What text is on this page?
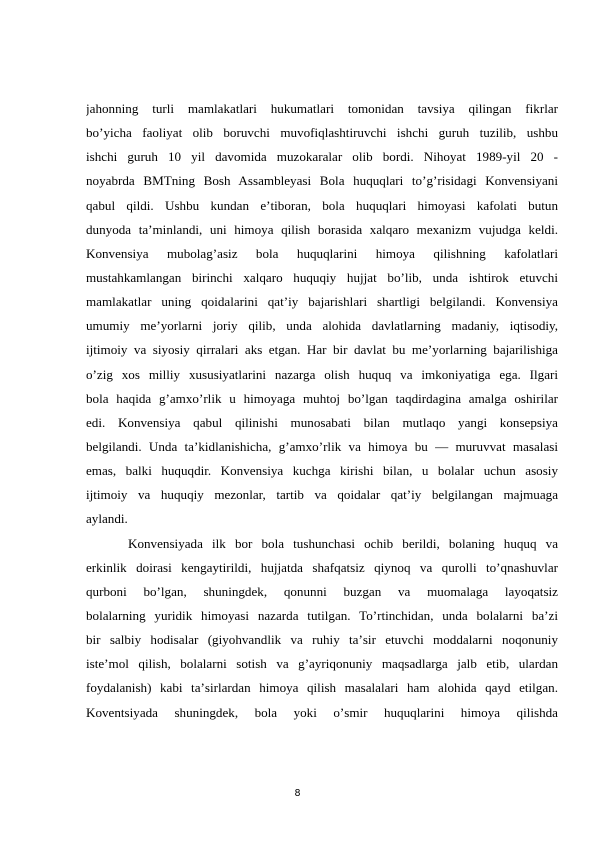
jahonning turli mamlakatlari hukumatlari tomonidan tavsiya qilingan fikrlar
boʼyicha faoliyat olib boruvchi muvofiqlashtiruvchi ishchi guruh tuzilib, ushbu
ishchi guruh 10 yil davomida muzokaralar olib bordi. Nihoyat 1989-yil 20 -
noyabrda BMTning Bosh Assambleyasi Bola huquqlari toʼgʼrisidagi Konvensiyani
qabul qildi. Ushbu kundan eʼtiboran, bola huquqlari himoyasi kafolati butun
dunyoda taʼminlandi, uni himoya qilish borasida xalqaro mexanizm vujudga keldi.
Konvensiya mubolagʼasiz bola huquqlarini himoya qilishning kafolatlari
mustahkamlangan birinchi xalqaro huquqiy hujjat boʼlib, unda ishtirok etuvchi
mamlakatlar uning qoidalarini qatʼiy bajarishlari shartligi belgilandi. Konvensiya
umumiy meʼyorlarni joriy qilib, unda alohida davlatlarning madaniy, iqtisodiy,
ijtimoiy va siyosiy qirralari aks etgan. Har bir davlat bu meʼyorlarning bajarilishiga
oʼzig xos milliy xususiyatlarini nazarga olish huquq va imkoniyatiga ega. Ilgari
bola haqida gʼamxoʼrlik u himoyaga muhtoj boʼlgan taqdirdagina amalga oshirilar
edi. Konvensiya qabul qilinishi munosabati bilan mutlaqo yangi konsepsiya
belgilandi. Unda taʼkidlanishicha, gʼamxoʼrlik va himoya bu — muruvvat masalasi
emas, balki huquqdir. Konvensiya kuchga kirishi bilan, u bolalar uchun asosiy
ijtimoiy va huquqiy mezonlar, tartib va qoidalar qatʼiy belgilangan majmuaga
aylandi.
Konvensiyada ilk bor bola tushunchasi ochib berildi, bolaning huquq va
erkinlik doirasi kengaytirildi, hujjatda shafqatsiz qiynoq va qurolli toʼqnashuvlar
qurboni boʼlgan, shuningdek, qonunni buzgan va muomalaga layoqatsiz
bolalarning yuridik himoyasi nazarda tutilgan. Toʼrtinchidan, unda bolalarni baʼzi
bir salbiy hodisalar (giyohvandlik va ruhiy taʼsir etuvchi moddalarni noqonuniy
isteʼmol qilish, bolalarni sotish va gʼayriqonuniy maqsadlarga jalb etib, ulardan
foydalanish) kabi taʼsirlardan himoya qilish masalalari ham alohida qayd etilgan.
Koventsiyada shuningdek, bola yoki oʼsmir huquqlarini himoya qilishda
8
